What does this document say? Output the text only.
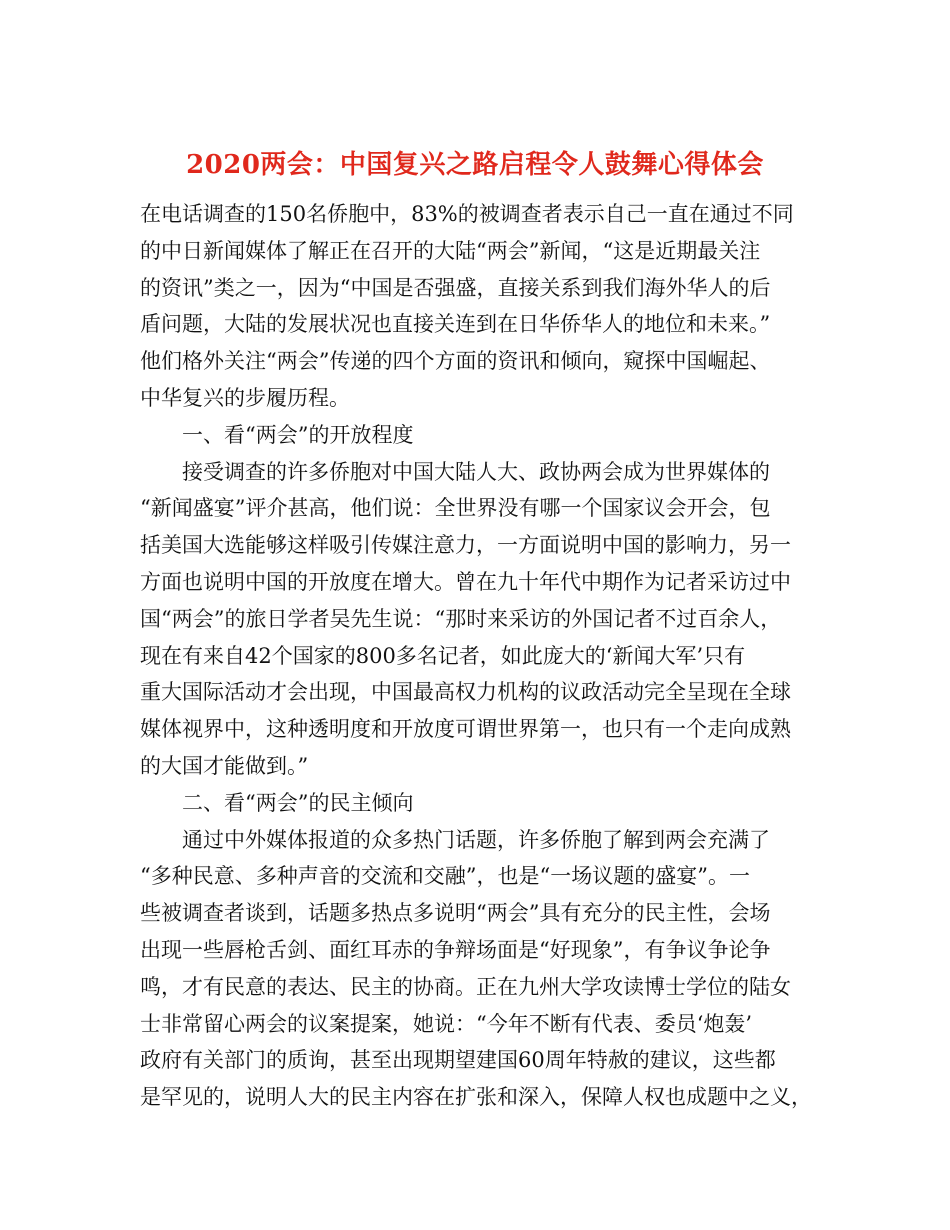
2020两会：中国复兴之路启程令人鼓舞心得体会
在电话调查的150名侨胞中，83%的被调查者表示自己一直在通过不同
的中日新闻媒体了解正在召开的大陆“两会”新闻，“这是近期最关注
的资讯”类之一，因为“中国是否强盛，直接关系到我们海外华人的后
盾问题，大陆的发展状况也直接关连到在日华侨华人的地位和未来。”
他们格外关注“两会”传递的四个方面的资讯和倾向，窥探中国崛起、
中华复兴的步履历程。
一、看“两会”的开放程度
接受调查的许多侨胞对中国大陆人大、政协两会成为世界媒体的
“新闻盛宴”评介甚高，他们说：全世界没有哪一个国家议会开会，包
括美国大选能够这样吸引传媒注意力，一方面说明中国的影响力，另一
方面也说明中国的开放度在增大。曾在九十年代中期作为记者采访过中
国“两会”的旅日学者吴先生说：“那时来采访的外国记者不过百余人，
现在有来自42个国家的800多名记者，如此庞大的‘新闻大军’只有
重大国际活动才会出现，中国最高权力机构的议政活动完全呈现在全球
媒体视界中，这种透明度和开放度可谓世界第一，也只有一个走向成熟
的大国才能做到。”
二、看“两会”的民主倾向
通过中外媒体报道的众多热门话题，许多侨胞了解到两会充满了
“多种民意、多种声音的交流和交融”，也是“一场议题的盛宴”。一
些被调查者谈到，话题多热点多说明“两会”具有充分的民主性，会场
出现一些唇枪舌剑、面红耳赤的争辩场面是“好现象”，有争议争论争
鸣，才有民意的表达、民主的协商。正在九州大学攻读博士学位的陆女
士非常留心两会的议案提案，她说：“今年不断有代表、委员‘炮轰’
政府有关部门的质询，甚至出现期望建国60周年特赦的建议，这些都
是罕见的，说明人大的民主内容在扩张和深入，保障人权也成题中之义，
